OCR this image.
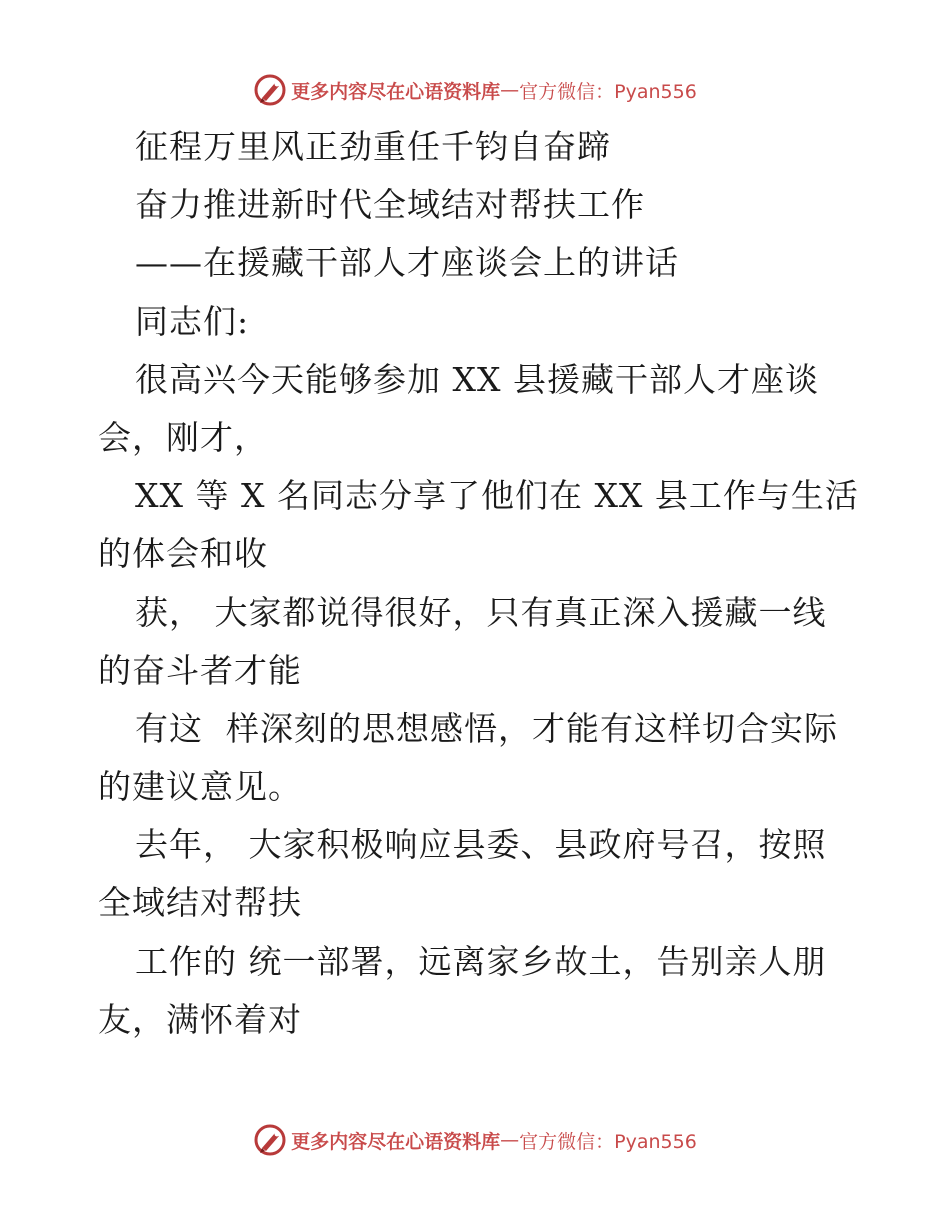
更多内容尽在心语资料库 — 官方微信：Pyan556
征程万里风正劲重任千钧自奋蹄
奋力推进新时代全域结对帮扶工作
——在援藏干部人才座谈会上的讲话
同志们:
很高兴今天能够参加 XX 县援藏干部人才座谈
会，刚才，
XX 等 X 名同志分享了他们在 XX 县工作与生活
的体会和收
获， 大家都说得很好，只有真正深入援藏一线
的奋斗者才能
有这  样深刻的思想感悟，才能有这样切合实际
的建议意见。
去年， 大家积极响应县委、县政府号召，按照
全域结对帮扶
工作的 统一部署，远离家乡故土，告别亲人朋
友，满怀着对
更多内容尽在心语资料库 — 官方微信：Pyan556
